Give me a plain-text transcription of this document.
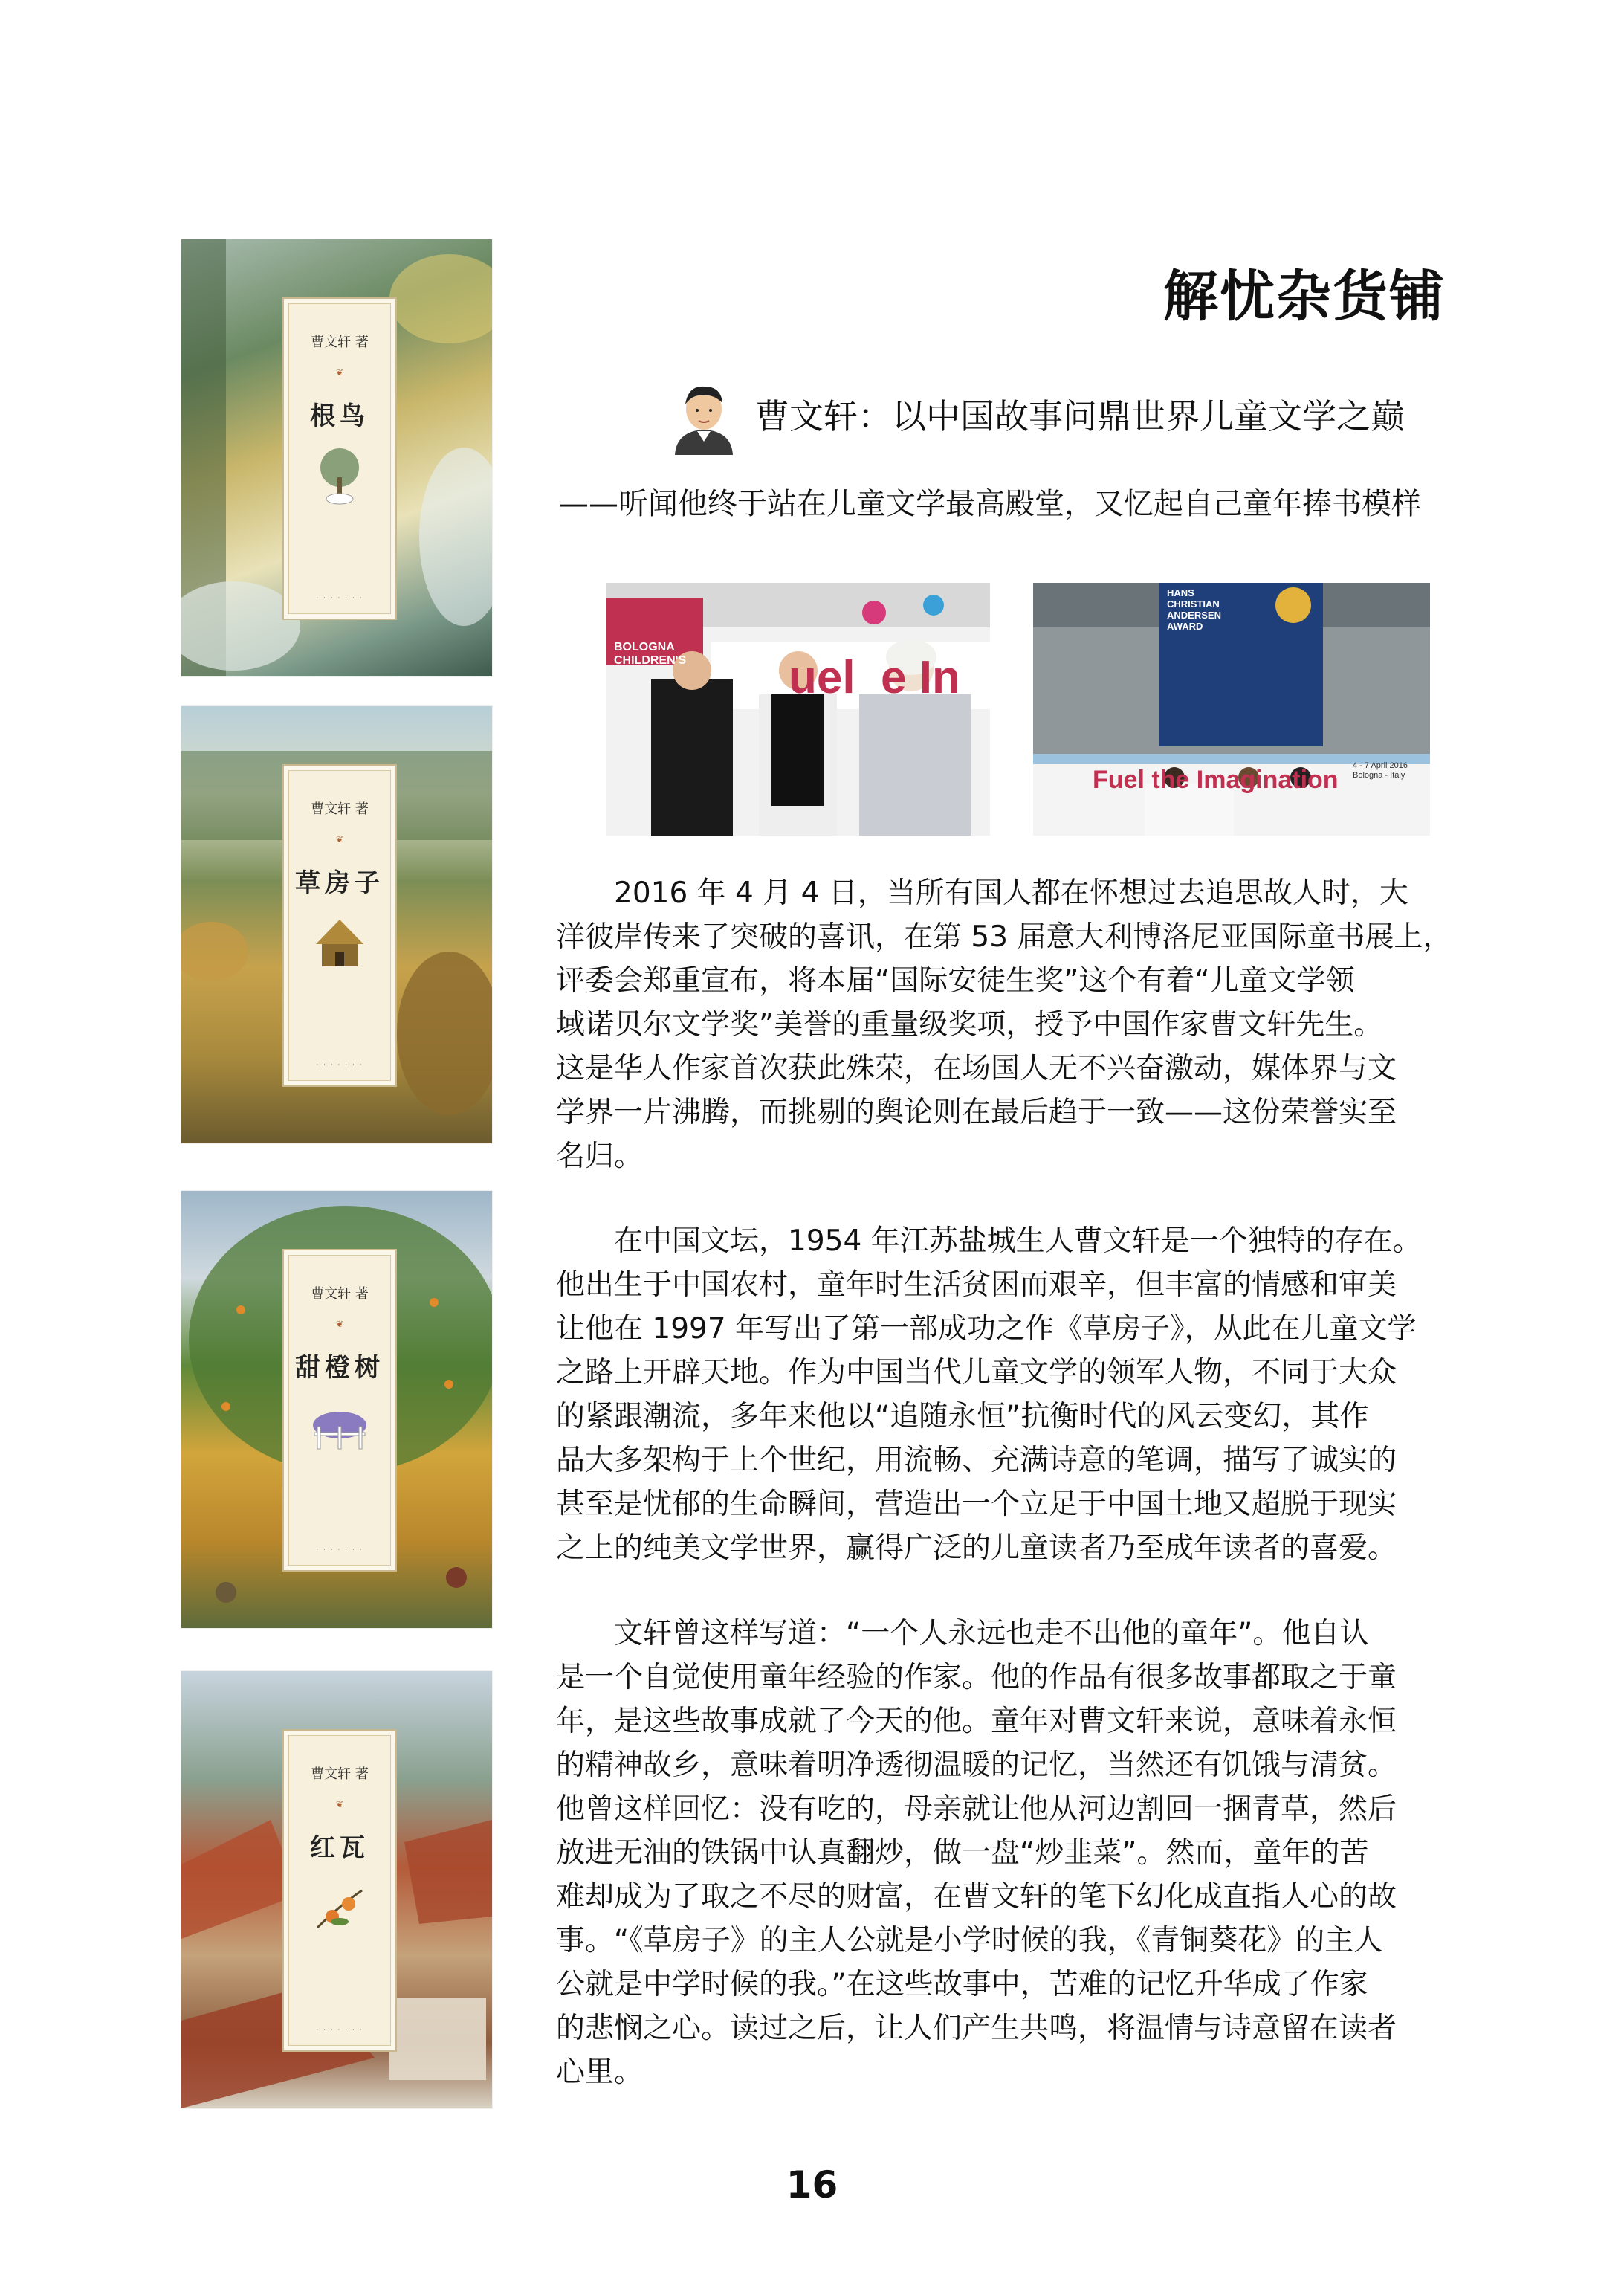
曹文轩 著
❦
根鸟
· · · · · · ·
曹文轩 著
❦
草房子
· · · · · · ·
曹文轩 著
❦
甜橙树
· · · · · · ·
曹文轩 著
❦
红瓦
· · · · · · ·
解忧杂货铺
曹文轩：以中国故事问鼎世界儿童文学之巅
——听闻他终于站在儿童文学最高殿堂，又忆起自己童年捧书模样
BOLOGNA CHILDREN'S	uel  e In
HANS
CHRISTIAN
ANDERSEN
AWARD
Fuel the Imagination 4 - 7 April 2016
Bologna - Italy
　　2016 年 4 月 4 日，当所有国人都在怀想过去追思故人时，大
洋彼岸传来了突破的喜讯，在第 53 届意大利博洛尼亚国际童书展上，
评委会郑重宣布，将本届“国际安徒生奖”这个有着“儿童文学领
域诺贝尔文学奖”美誉的重量级奖项，授予中国作家曹文轩先生。
这是华人作家首次获此殊荣，在场国人无不兴奋激动，媒体界与文
学界一片沸腾，而挑剔的舆论则在最后趋于一致——这份荣誉实至
名归。
　　在中国文坛，1954 年江苏盐城生人曹文轩是一个独特的存在。
他出生于中国农村，童年时生活贫困而艰辛，但丰富的情感和审美
让他在 1997 年写出了第一部成功之作《草房子》，从此在儿童文学
之路上开辟天地。作为中国当代儿童文学的领军人物，不同于大众
的紧跟潮流，多年来他以“追随永恒”抗衡时代的风云变幻，其作
品大多架构于上个世纪，用流畅、充满诗意的笔调，描写了诚实的
甚至是忧郁的生命瞬间，营造出一个立足于中国土地又超脱于现实
之上的纯美文学世界，赢得广泛的儿童读者乃至成年读者的喜爱。
　　文轩曾这样写道：“一个人永远也走不出他的童年”。他自认
是一个自觉使用童年经验的作家。他的作品有很多故事都取之于童
年，是这些故事成就了今天的他。童年对曹文轩来说，意味着永恒
的精神故乡，意味着明净透彻温暖的记忆，当然还有饥饿与清贫。
他曾这样回忆：没有吃的，母亲就让他从河边割回一捆青草，然后
放进无油的铁锅中认真翻炒，做一盘“炒韭菜”。然而，童年的苦
难却成为了取之不尽的财富，在曹文轩的笔下幻化成直指人心的故
事。“《草房子》的主人公就是小学时候的我，《青铜葵花》的主人
公就是中学时候的我。”在这些故事中，苦难的记忆升华成了作家
的悲悯之心。读过之后，让人们产生共鸣，将温情与诗意留在读者
心里。
16
